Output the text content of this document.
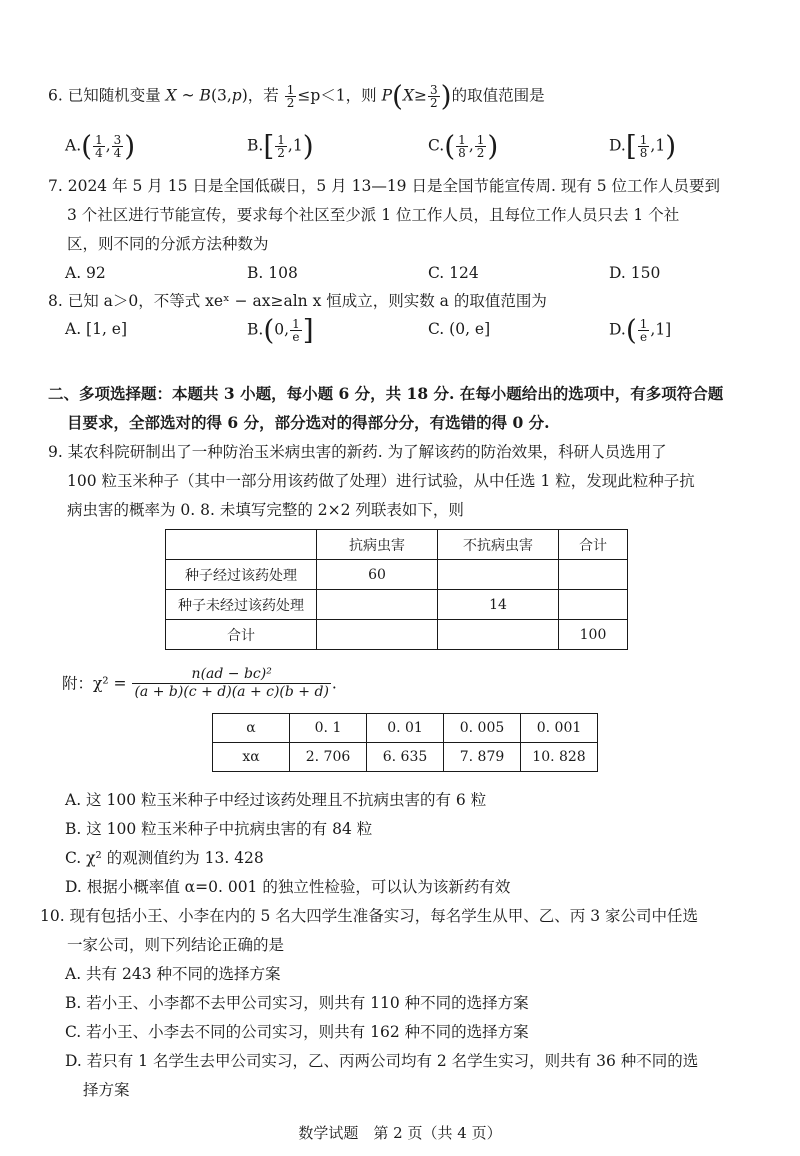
6. 已知随机变量 X ~ B(3,p)，若 $\frac{1}{2} \le p<1$，则 $P(X\ge \frac{3}{2}$ )的取值范围是
$A.( \frac{1}{4}$ , $\frac{3}{4}$ )	$B.[ \frac{1}{2} ,1)$	$C.( \frac{1}{8}$ , $\frac{1}{2}$ )	$D.[ \frac{1}{8} ,1)$
7. 2024 年 5 月 15 日是全国低碳日，5 月 13—19 日是全国节能宣传周. 现有 5 位工作人员要到
3 个社区进行节能宣传，要求每个社区至少派 1 位工作人员，且每位工作人员只去 1 个社
区，则不同的分派方法种数为
A. 92	B. 108	C. 124	D. 150
8. 已知 a＞0，不等式 xeˣ − ax≥aln x 恒成立，则实数 a 的取值范围为
A. [1, e]	B.(0, $\frac{1}{e}$ ]	C. (0, e]	$D.( \frac{1}{e} ,1]$
二、多项选择题：本题共 3 小题，每小题 6 分，共 18 分. 在每小题给出的选项中，有多项符合题
目要求，全部选对的得 6 分，部分选对的得部分分，有选错的得 0 分.
9. 某农科院研制出了一种防治玉米病虫害的新药. 为了解该药的防治效果，科研人员选用了
100 粒玉米种子（其中一部分用该药做了处理）进行试验，从中任选 1 粒，发现此粒种子抗
病虫害的概率为 0. 8. 未填写完整的 2×2 列联表如下，则
	抗病虫害	不抗病虫害	合计
种子经过该药处理	60		
种子未经过该药处理		14	
合计			100
附：$\chi^2 = \frac{\text{n(ad − bc)²}}{(a + b)(c + d)(a + c)(b + d)}$ .
α	0. 1	0. 01	0. 005	0. 001
xα	2. 706	6. 635	7. 879	10. 828
A. 这 100 粒玉米种子中经过该药处理且不抗病虫害的有 6 粒
B. 这 100 粒玉米种子中抗病虫害的有 84 粒
C. χ² 的观测值约为 13. 428
D. 根据小概率值 α=0. 001 的独立性检验，可以认为该新药有效
10. 现有包括小王、小李在内的 5 名大四学生准备实习，每名学生从甲、乙、丙 3 家公司中任选
一家公司，则下列结论正确的是
A. 共有 243 种不同的选择方案
B. 若小王、小李都不去甲公司实习，则共有 110 种不同的选择方案
C. 若小王、小李去不同的公司实习，则共有 162 种不同的选择方案
D. 若只有 1 名学生去甲公司实习，乙、丙两公司均有 2 名学生实习，则共有 36 种不同的选
择方案
数学试题　第 2 页（共 4 页）
